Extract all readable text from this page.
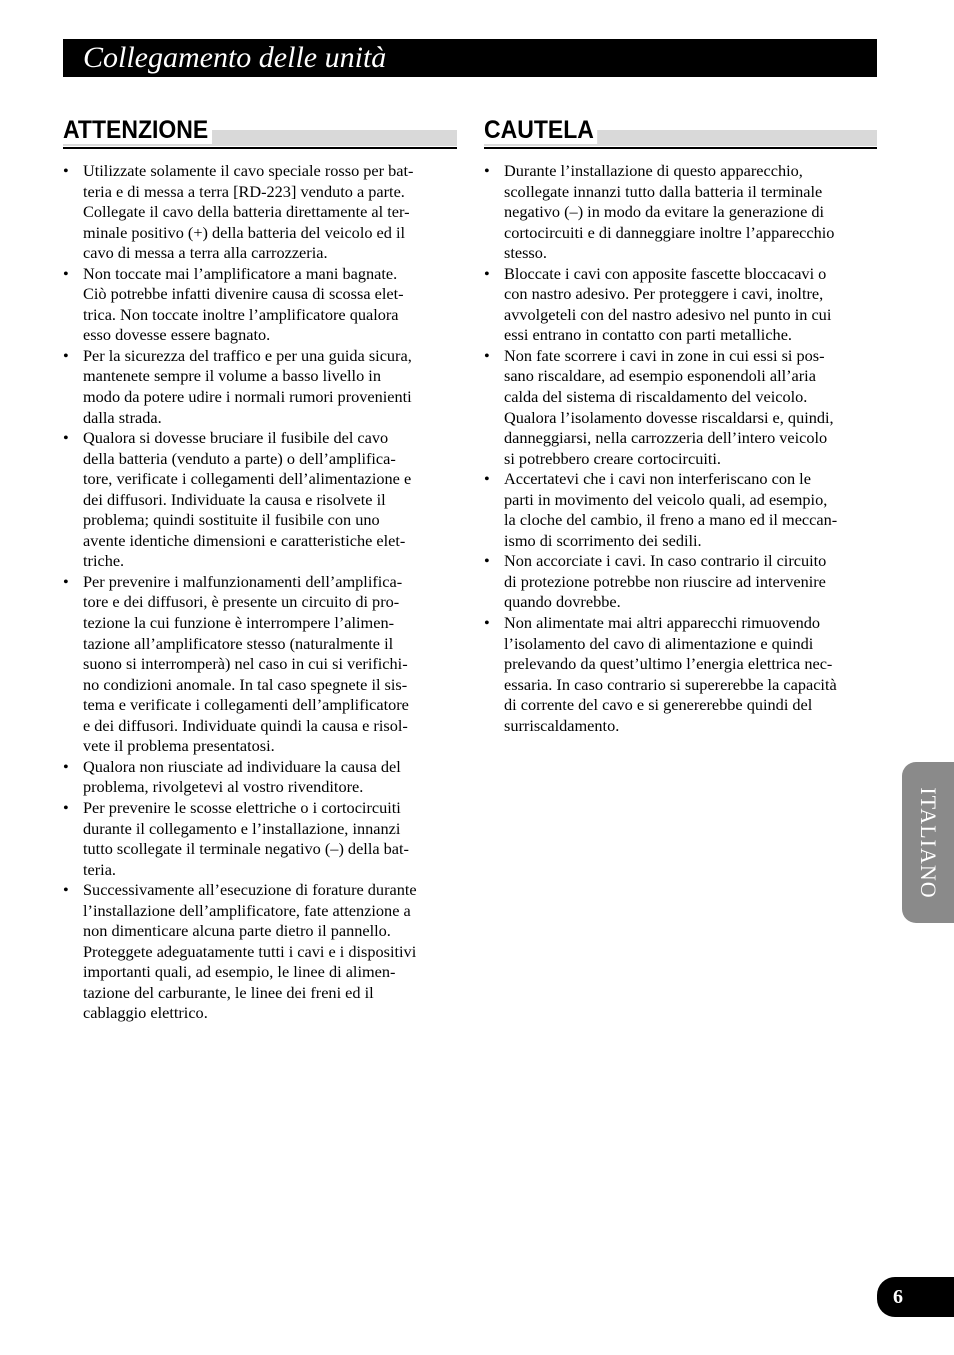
Collegamento delle unità
ATTENZIONE
• Utilizzate solamente il cavo speciale rosso per bat-
teria e di messa a terra [RD-223] venduto a parte.
Collegate il cavo della batteria direttamente al ter-
minale positivo (+) della batteria del veicolo ed il
cavo di messa a terra alla carrozzeria.
• Non toccate mai l’amplificatore a mani bagnate.
Ciò potrebbe infatti divenire causa di scossa elet-
trica. Non toccate inoltre l’amplificatore qualora
esso dovesse essere bagnato.
• Per la sicurezza del traffico e per una guida sicura,
mantenete sempre il volume a basso livello in
modo da potere udire i normali rumori provenienti
dalla strada.
• Qualora si dovesse bruciare il fusibile del cavo
della batteria (venduto a parte) o dell’amplifica-
tore, verificate i collegamenti dell’alimentazione e
dei diffusori. Individuate la causa e risolvete il
problema; quindi sostituite il fusibile con uno
avente identiche dimensioni e caratteristiche elet-
triche.
• Per prevenire i malfunzionamenti dell’amplifica-
tore e dei diffusori, è presente un circuito di pro-
tezione la cui funzione è interrompere l’alimen-
tazione all’amplificatore stesso (naturalmente il
suono si interromperà) nel caso in cui si verifichi-
no condizioni anomale. In tal caso spegnete il sis-
tema e verificate i collegamenti dell’amplificatore
e dei diffusori. Individuate quindi la causa e risol-
vete il problema presentatosi.
• Qualora non riusciate ad individuare la causa del
problema, rivolgetevi al vostro rivenditore.
• Per prevenire le scosse elettriche o i cortocircuiti
durante il collegamento e l’installazione, innanzi
tutto scollegate il terminale negativo (–) della bat-
teria.
• Successivamente all’esecuzione di forature durante
l’installazione dell’amplificatore, fate attenzione a
non dimenticare alcuna parte dietro il pannello.
Proteggete adeguatamente tutti i cavi e i dispositivi
importanti quali, ad esempio, le linee di alimen-
tazione del carburante, le linee dei freni ed il
cablaggio elettrico.
CAUTELA
• Durante l’installazione di questo apparecchio,
scollegate innanzi tutto dalla batteria il terminale
negativo (–) in modo da evitare la generazione di
cortocircuiti e di danneggiare inoltre l’apparecchio
stesso.
• Bloccate i cavi con apposite fascette bloccacavi o
con nastro adesivo. Per proteggere i cavi, inoltre,
avvolgeteli con del nastro adesivo nel punto in cui
essi entrano in contatto con parti metalliche.
• Non fate scorrere i cavi in zone in cui essi si pos-
sano riscaldare, ad esempio esponendoli all’aria
calda del sistema di riscaldamento del veicolo.
Qualora l’isolamento dovesse riscaldarsi e, quindi,
danneggiarsi, nella carrozzeria dell’intero veicolo
si potrebbero creare cortocircuiti.
• Accertatevi che i cavi non interferiscano con le
parti in movimento del veicolo quali, ad esempio,
la cloche del cambio, il freno a mano ed il meccan-
ismo di scorrimento dei sedili.
• Non accorciate i cavi. In caso contrario il circuito
di protezione potrebbe non riuscire ad intervenire
quando dovrebbe.
• Non alimentate mai altri apparecchi rimuovendo
l’isolamento del cavo di alimentazione e quindi
prelevando da quest’ultimo l’energia elettrica nec-
essaria. In caso contrario si supererebbe la capacità
di corrente del cavo e si genererebbe quindi del
surriscaldamento.
ITALIANO
6
